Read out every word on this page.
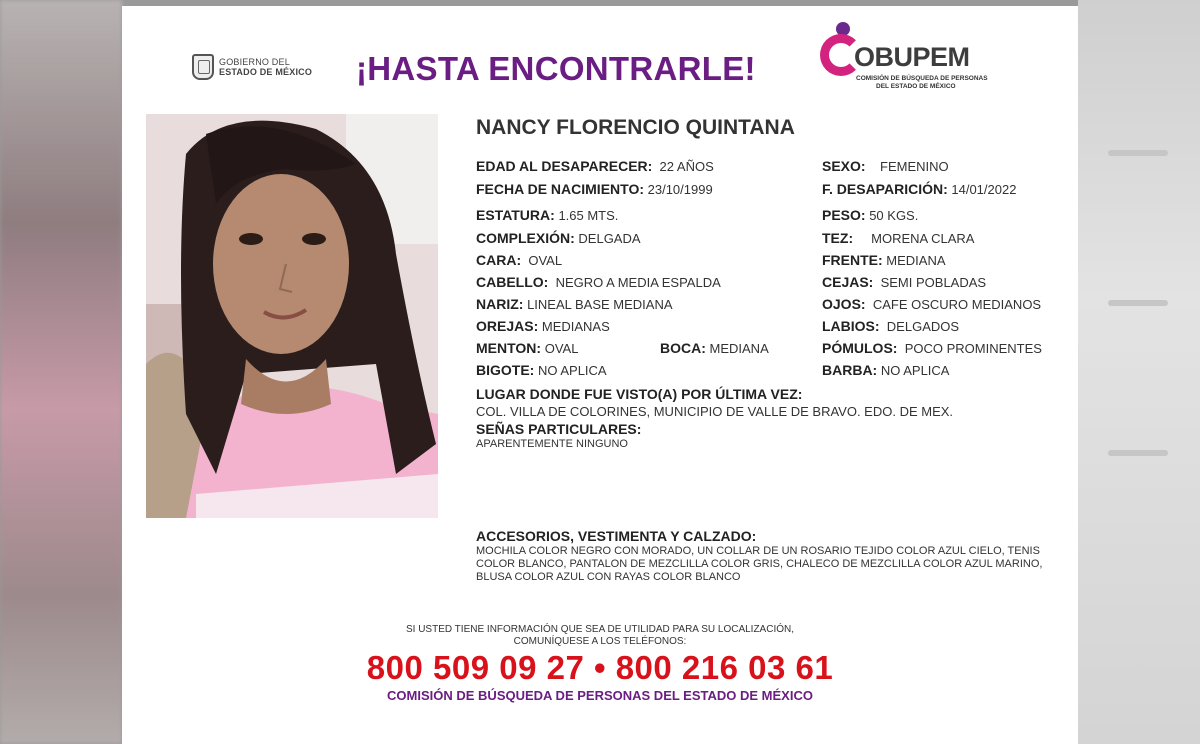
GOBIERNO DEL
ESTADO DE MÉXICO ¡HASTA ENCONTRARLE!	OBUPEM
COMISIÓN DE BÚSQUEDA DE PERSONAS
DEL ESTADO DE MÉXICO
NANCY FLORENCIO QUINTANA
EDAD AL DESAPARECER: 22 AÑOS	SEXO: FEMENINO
FECHA DE NACIMIENTO: 23/10/1999	F. DESAPARICIÓN: 14/01/2022
ESTATURA: 1.65 MTS.	PESO: 50 KGS.
COMPLEXIÓN: DELGADA	TEZ: MORENA CLARA
CARA: OVAL	FRENTE: MEDIANA
CABELLO: NEGRO A MEDIA ESPALDA	CEJAS: SEMI POBLADAS
NARIZ: LINEAL BASE MEDIANA	OJOS: CAFE OSCURO MEDIANOS
OREJAS: MEDIANAS	LABIOS: DELGADOS
MENTON: OVAL	BOCA: MEDIANA	PÓMULOS: POCO PROMINENTES
BIGOTE: NO APLICA	BARBA: NO APLICA
LUGAR DONDE FUE VISTO(A) POR ÚLTIMA VEZ:
COL. VILLA DE COLORINES, MUNICIPIO DE VALLE DE BRAVO. EDO. DE MEX.
SEÑAS PARTICULARES:
APARENTEMENTE NINGUNO
ACCESORIOS, VESTIMENTA Y CALZADO:
MOCHILA COLOR NEGRO CON MORADO, UN COLLAR DE UN ROSARIO TEJIDO COLOR AZUL CIELO, TENIS
COLOR BLANCO, PANTALON DE MEZCLILLA COLOR GRIS, CHALECO DE MEZCLILLA COLOR AZUL MARINO,
BLUSA COLOR AZUL CON RAYAS COLOR BLANCO
SI USTED TIENE INFORMACIÓN QUE SEA DE UTILIDAD PARA SU LOCALIZACIÓN,
COMUNÍQUESE A LOS TELÉFONOS:
800 509 09 27 • 800 216 03 61
COMISIÓN DE BÚSQUEDA DE PERSONAS DEL ESTADO DE MÉXICO
